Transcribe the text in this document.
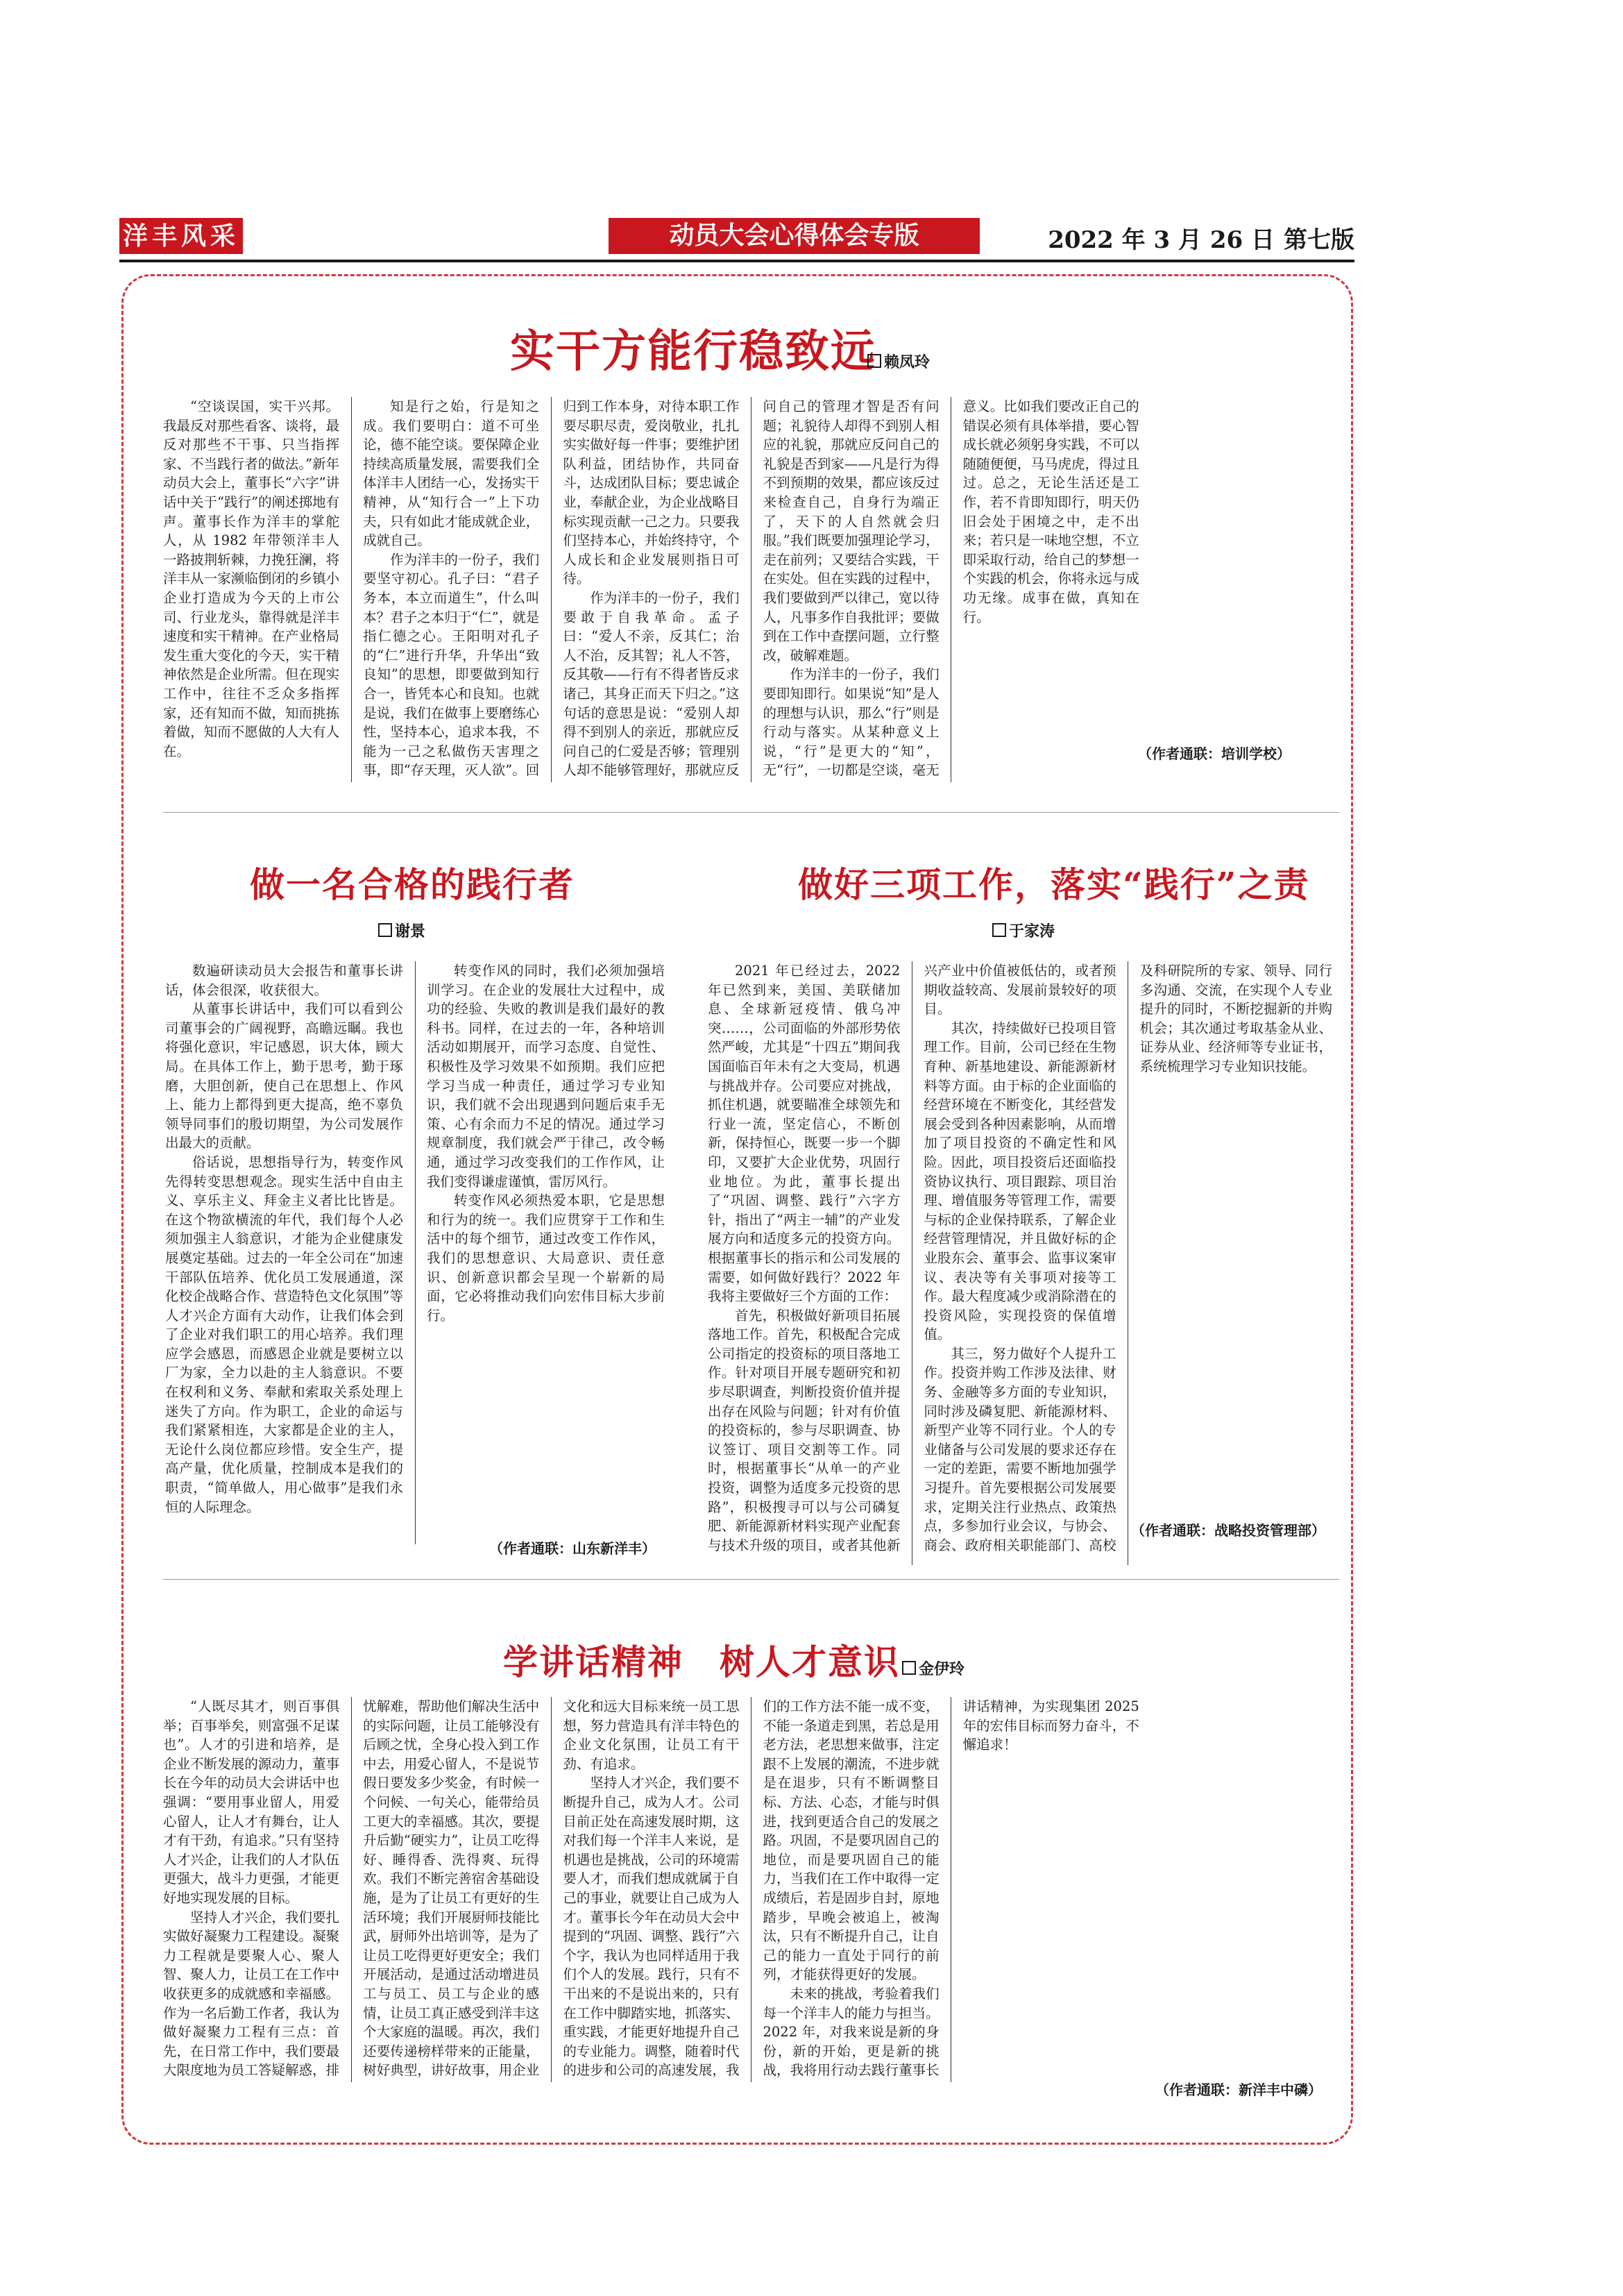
洋丰风采	动员大会心得体会专版	2022 年 3 月 26 日 第七版
实干方能行稳致远 赖凤玲

“空谈误国，实干兴邦。我最反对那些看客、谈将，最反对那些不干事、只当指挥家、不当践行者的做法。”新年动员大会上，董事长“六字”讲话中关于“践行”的阐述掷地有声。董事长作为洋丰的掌舵人，从 1982 年带领洋丰人一路披荆斩棘，力挽狂澜，将洋丰从一家濒临倒闭的乡镇小企业打造成为今天的上市公司、行业龙头，靠得就是洋丰速度和实干精神。在产业格局发生重大变化的今天，实干精神依然是企业所需。但在现实工作中，往往不乏众多指挥家，还有知而不做，知而挑拣着做，知而不愿做的人大有人在。

知是行之始，行是知之成。我们要明白：道不可坐论，德不能空谈。要保障企业持续高质量发展，需要我们全体洋丰人团结一心，发扬实干精神，从“知行合一”上下功夫，只有如此才能成就企业，成就自己。

作为洋丰的一份子，我们要坚守初心。孔子曰：“君子务本，本立而道生”，什么叫本？君子之本归于“仁”，就是指仁德之心。王阳明对孔子的“仁”进行升华，升华出“致良知”的思想，即要做到知行合一，皆凭本心和良知。也就是说，我们在做事上要磨练心性，坚持本心，追求本我，不能为一己之私做伤天害理之事，即“存天理，灭人欲”。回归到工作本身，对待本职工作要尽职尽责，爱岗敬业，扎扎实实做好每一件事；要维护团队利益，团结协作，共同奋斗，达成团队目标；要忠诚企业，奉献企业，为企业战略目标实现贡献一己之力。只要我们坚持本心，并始终持守，个人成长和企业发展则指日可待。

作为洋丰的一份子，我们要敢于自我革命。孟子曰：“爱人不亲，反其仁；治人不治，反其智；礼人不答，反其敬——行有不得者皆反求诸己，其身正而天下归之。”这句话的意思是说：“爱别人却得不到别人的亲近，那就应反问自己的仁爱是否够；管理别人却不能够管理好，那就应反问自己的管理才智是否有问题；礼貌待人却得不到别人相应的礼貌，那就应反问自己的礼貌是否到家——凡是行为得不到预期的效果，都应该反过来检查自己，自身行为端正了，天下的人自然就会归服。”我们既要加强理论学习，走在前列；又要结合实践，干在实处。但在实践的过程中，我们要做到严以律己，宽以待人，凡事多作自我批评；要做到在工作中查摆问题，立行整改，破解难题。

作为洋丰的一份子，我们要即知即行。如果说“知”是人的理想与认识，那么“行”则是行动与落实。从某种意义上说，“行”是更大的“知”，无“行”，一切都是空谈，毫无意义。比如我们要改正自己的错误必须有具体举措，要心智成长就必须躬身实践，不可以随随便便，马马虎虎，得过且过。总之，无论生活还是工作，若不肯即知即行，明天仍旧会处于困境之中，走不出来；若只是一味地空想，不立即采取行动，给自己的梦想一个实践的机会，你将永远与成功无缘。成事在做，真知在行。

（作者通联：培训学校）
做一名合格的践行者
谢景

数遍研读动员大会报告和董事长讲话，体会很深，收获很大。

从董事长讲话中，我们可以看到公司董事会的广阔视野，高瞻远瞩。我也将强化意识，牢记感恩，识大体，顾大局。在具体工作上，勤于思考，勤于琢磨，大胆创新，使自己在思想上、作风上、能力上都得到更大提高，绝不辜负领导同事们的殷切期望，为公司发展作出最大的贡献。

俗话说，思想指导行为，转变作风先得转变思想观念。现实生活中自由主义、享乐主义、拜金主义者比比皆是。在这个物欲横流的年代，我们每个人必须加强主人翁意识，才能为企业健康发展奠定基础。过去的一年全公司在“加速干部队伍培养、优化员工发展通道，深化校企战略合作、营造特色文化氛围”等人才兴企方面有大动作，让我们体会到了企业对我们职工的用心培养。我们理应学会感恩，而感恩企业就是要树立以厂为家，全力以赴的主人翁意识。不要在权利和义务、奉献和索取关系处理上迷失了方向。作为职工，企业的命运与我们紧紧相连，大家都是企业的主人，无论什么岗位都应珍惜。安全生产，提高产量，优化质量，控制成本是我们的职责，“简单做人，用心做事”是我们永恒的人际理念。

转变作风的同时，我们必须加强培训学习。在企业的发展壮大过程中，成功的经验、失败的教训是我们最好的教科书。同样，在过去的一年，各种培训活动如期展开，而学习态度、自觉性、积极性及学习效果不如预期。我们应把学习当成一种责任，通过学习专业知识，我们就不会出现遇到问题后束手无策、心有余而力不足的情况。通过学习规章制度，我们就会严于律己，改令畅通，通过学习改变我们的工作作风，让我们变得谦虚谨慎，雷厉风行。

转变作风必须热爱本职，它是思想和行为的统一。我们应贯穿于工作和生活中的每个细节，通过改变工作作风，我们的思想意识、大局意识、责任意识、创新意识都会呈现一个崭新的局面，它必将推动我们向宏伟目标大步前行。

（作者通联：山东新洋丰）
做好三项工作，落实“践行”之责
于家涛

2021 年已经过去，2022 年已然到来，美国、美联储加息、全球新冠疫情、俄乌冲突……，公司面临的外部形势依然严峻，尤其是“十四五”期间我国面临百年未有之大变局，机遇与挑战并存。公司要应对挑战，抓住机遇，就要瞄准全球领先和行业一流，坚定信心，不断创新，保持恒心，既要一步一个脚印，又要扩大企业优势，巩固行业地位。为此，董事长提出了“巩固、调整、践行”六字方针，指出了“两主一辅”的产业发展方向和适度多元的投资方向。根据董事长的指示和公司发展的需要，如何做好践行？2022 年我将主要做好三个方面的工作：

首先，积极做好新项目拓展落地工作。首先，积极配合完成公司指定的投资标的项目落地工作。针对项目开展专题研究和初步尽职调查，判断投资价值并提出存在风险与问题；针对有价值的投资标的，参与尽职调查、协议签订、项目交割等工作。同时，根据董事长“从单一的产业投资，调整为适度多元投资的思路”，积极搜寻可以与公司磷复肥、新能源新材料实现产业配套与技术升级的项目，或者其他新兴产业中价值被低估的，或者预期收益较高、发展前景较好的项目。

其次，持续做好已投项目管理工作。目前，公司已经在生物育种、新基地建设、新能源新材料等方面。由于标的企业面临的经营环境在不断变化，其经营发展会受到各种因素影响，从而增加了项目投资的不确定性和风险。因此，项目投资后还面临投资协议执行、项目跟踪、项目治理、增值服务等管理工作，需要与标的企业保持联系，了解企业经营管理情况，并且做好标的企业股东会、董事会、监事议案审议、表决等有关事项对接等工作。最大程度减少或消除潜在的投资风险，实现投资的保值增值。

其三，努力做好个人提升工作。投资并购工作涉及法律、财务、金融等多方面的专业知识，同时涉及磷复肥、新能源材料、新型产业等不同行业。个人的专业储备与公司发展的要求还存在一定的差距，需要不断地加强学习提升。首先要根据公司发展要求，定期关注行业热点、政策热点，多参加行业会议，与协会、商会、政府相关职能部门、高校及科研院所的专家、领导、同行多沟通、交流，在实现个人专业提升的同时，不断挖掘新的并购机会；其次通过考取基金从业、证券从业、经济师等专业证书，系统梳理学习专业知识技能。

（作者通联：战略投资管理部）
学讲话精神　树人才意识	金伊玲

“人既尽其才，则百事俱举；百事举矣，则富强不足谋也”。人才的引进和培养，是企业不断发展的源动力，董事长在今年的动员大会讲话中也强调：“要用事业留人，用爱心留人，让人才有舞台，让人才有干劲，有追求。”只有坚持人才兴企，让我们的人才队伍更强大，战斗力更强，才能更好地实现发展的目标。

坚持人才兴企，我们要扎实做好凝聚力工程建设。凝聚力工程就是要聚人心、聚人智、聚人力，让员工在工作中收获更多的成就感和幸福感。作为一名后勤工作者，我认为做好凝聚力工程有三点：首先，在日常工作中，我们要最大限度地为员工答疑解惑，排忧解难，帮助他们解决生活中的实际问题，让员工能够没有后顾之忧，全身心投入到工作中去，用爱心留人，不是说节假日要发多少奖金，有时候一个问候、一句关心，能带给员工更大的幸福感。其次，要提升后勤“硬实力”，让员工吃得好、睡得香、洗得爽、玩得欢。我们不断完善宿舍基础设施，是为了让员工有更好的生活环境；我们开展厨师技能比武，厨师外出培训等，是为了让员工吃得更好更安全；我们开展活动，是通过活动增进员工与员工、员工与企业的感情，让员工真正感受到洋丰这个大家庭的温暖。再次，我们还要传递榜样带来的正能量，树好典型，讲好故事，用企业文化和远大目标来统一员工思想，努力营造具有洋丰特色的企业文化氛围，让员工有干劲、有追求。

坚持人才兴企，我们要不断提升自己，成为人才。公司目前正处在高速发展时期，这对我们每一个洋丰人来说，是机遇也是挑战，公司的环境需要人才，而我们想成就属于自己的事业，就要让自己成为人才。董事长今年在动员大会中提到的“巩固、调整、践行”六个字，我认为也同样适用于我们个人的发展。践行，只有不干出来的不是说出来的，只有在工作中脚踏实地，抓落实、重实践，才能更好地提升自己的专业能力。调整，随着时代的进步和公司的高速发展，我们的工作方法不能一成不变，不能一条道走到黑，若总是用老方法，老思想来做事，注定跟不上发展的潮流，不进步就是在退步，只有不断调整目标、方法、心态，才能与时俱进，找到更适合自己的发展之路。巩固，不是要巩固自己的地位，而是要巩固自己的能力，当我们在工作中取得一定成绩后，若是固步自封，原地踏步，早晚会被追上，被淘汰，只有不断提升自己，让自己的能力一直处于同行的前列，才能获得更好的发展。

未来的挑战，考验着我们每一个洋丰人的能力与担当。2022 年，对我来说是新的身份，新的开始，更是新的挑战，我将用行动去践行董事长讲话精神，为实现集团 2025 年的宏伟目标而努力奋斗，不懈追求！

（作者通联：新洋丰中磷）
